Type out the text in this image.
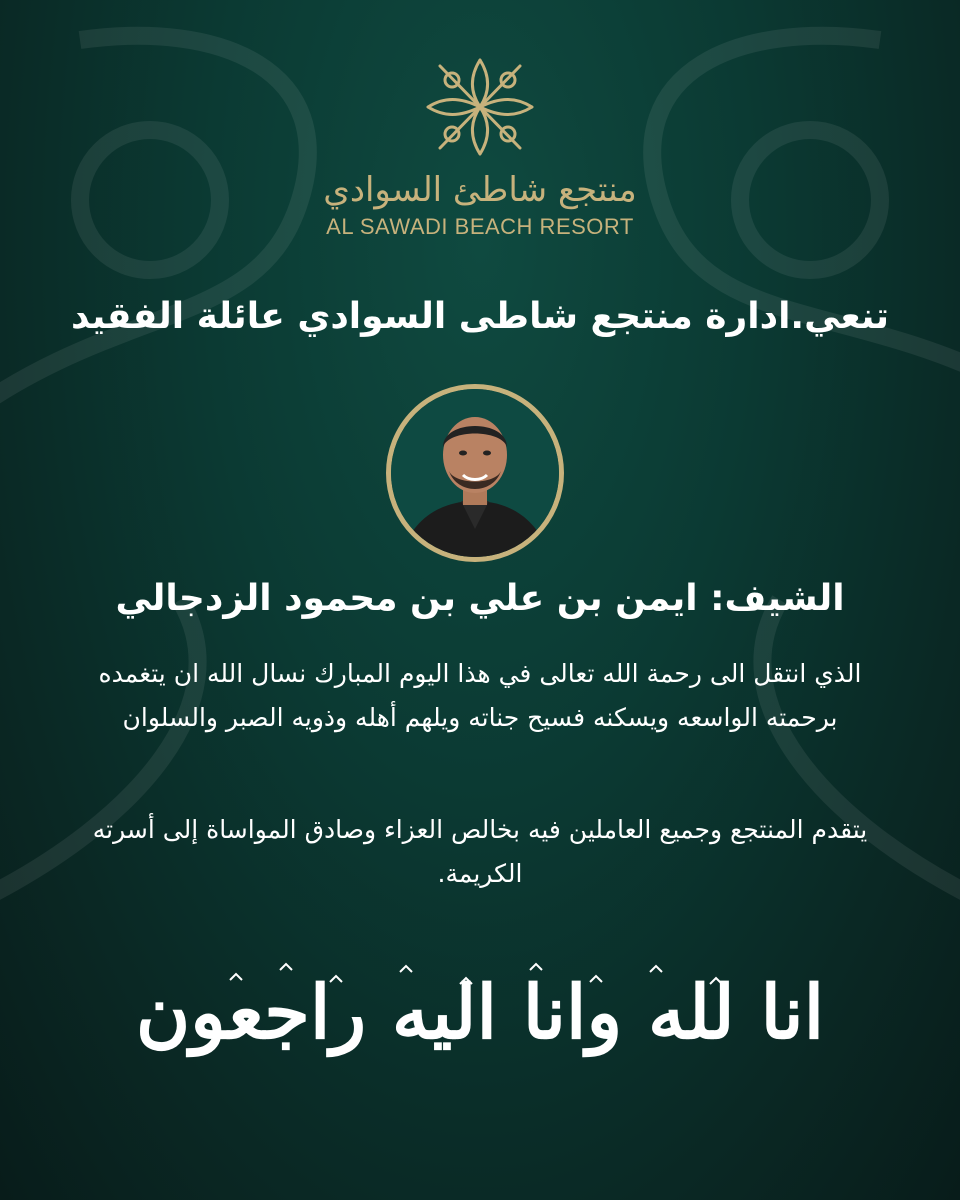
منتجع شاطئ السوادي
AL SAWADI BEACH RESORT
تنعي.ادارة منتجع شاطى السوادي عائلة الفقيد
الشيف: ايمن بن علي بن محمود الزدجالي
الذي انتقل الى رحمة الله تعالى في هذا اليوم المبارك نسال الله ان يتغمده برحمته الواسعه ويسكنه فسيح جناته ويلهم أهله وذويه الصبر والسلوان
يتقدم المنتجع وجميع العاملين فيه بخالص العزاء وصادق المواساة إلى أسرته الكريمة.
انا لله وانا اليه راجعون
